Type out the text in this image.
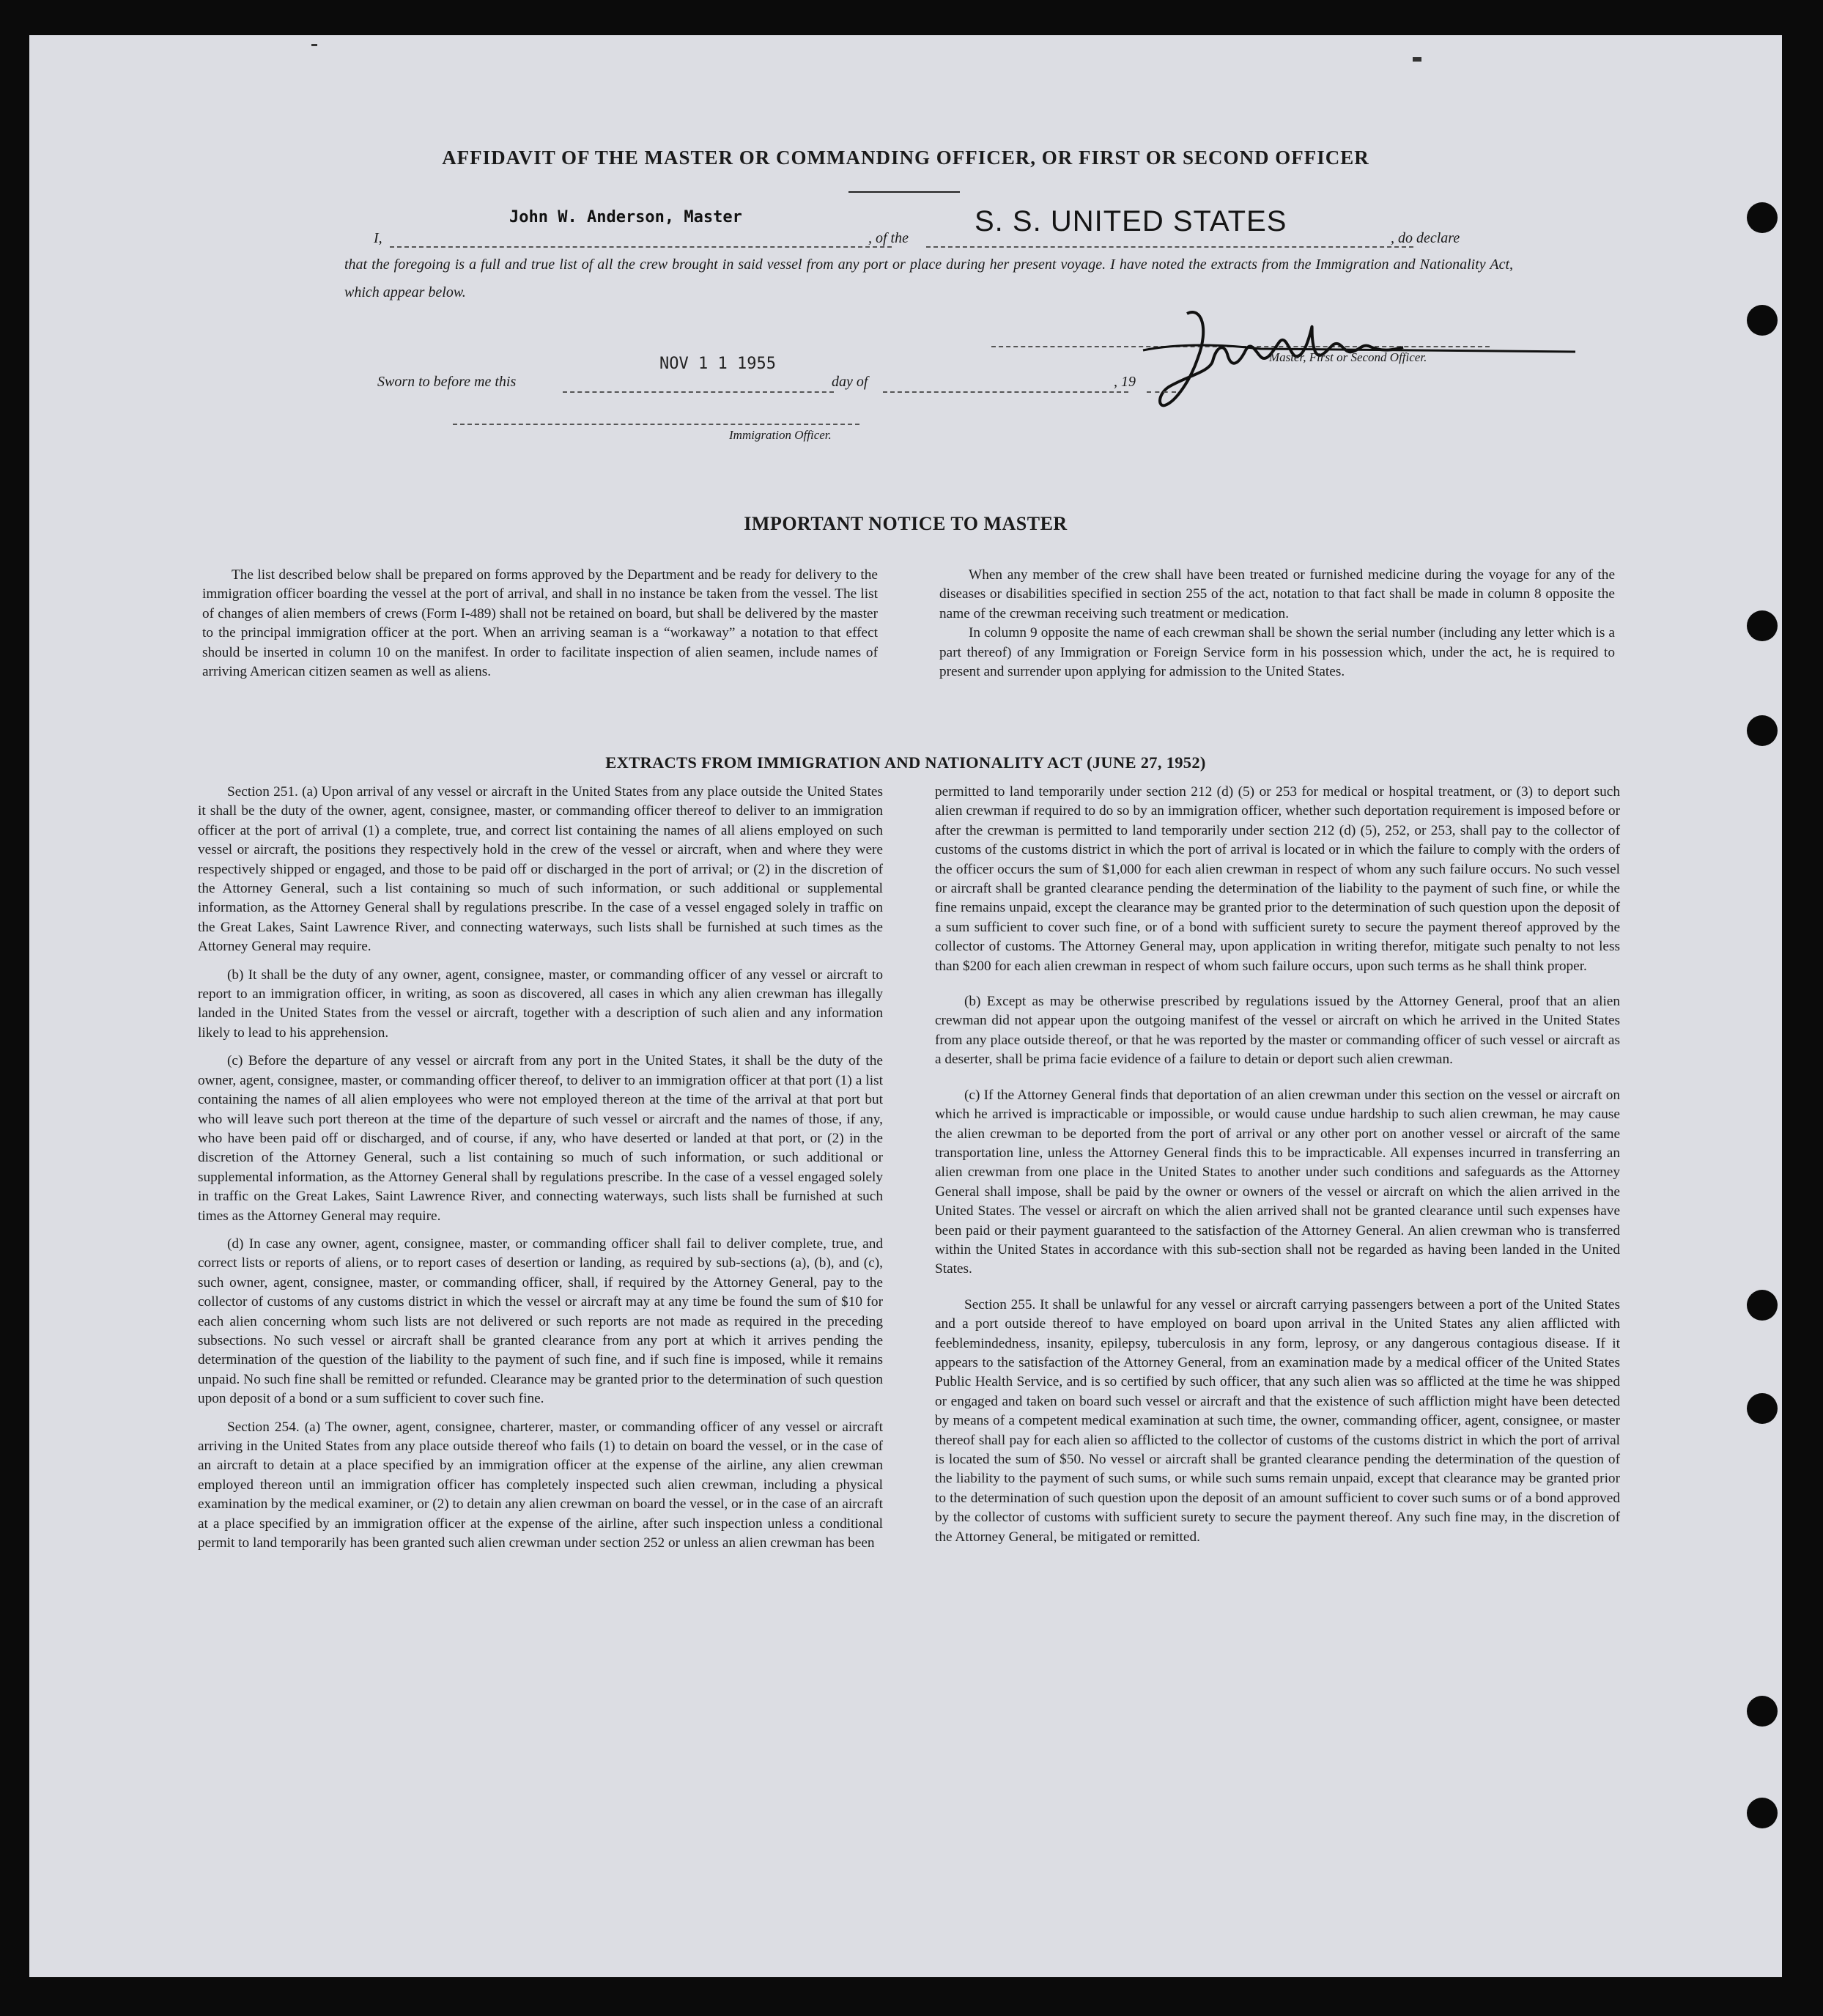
AFFIDAVIT OF THE MASTER OR COMMANDING OFFICER, OR FIRST OR SECOND OFFICER
John W. Anderson, Master	S. S. UNITED STATES
I,	, of the	, do declare
that the foregoing is a full and true list of all the crew brought in said vessel from any port or place during her present voyage. I have noted the extracts from the Immigration and Nationality Act, which appear below.
Master, First or Second Officer.
NOV 1 1 1955
Sworn to before me this	day of	, 19
Immigration Officer.
IMPORTANT NOTICE TO MASTER

The list described below shall be prepared on forms approved by the Department and be ready for delivery to the immigration officer boarding the vessel at the port of arrival, and shall in no instance be taken from the vessel. The list of changes of alien members of crews (Form I-489) shall not be retained on board, but shall be delivered by the master to the principal immigration officer at the port. When an arriving seaman is a “workaway” a notation to that effect should be inserted in column 10 on the manifest. In order to facilitate inspection of alien seamen, include names of arriving American citizen seamen as well as aliens.

When any member of the crew shall have been treated or furnished medicine during the voyage for any of the diseases or disabilities specified in section 255 of the act, notation to that fact shall be made in column 8 opposite the name of the crewman receiving such treatment or medication.

In column 9 opposite the name of each crewman shall be shown the serial number (including any letter which is a part thereof) of any Immigration or Foreign Service form in his possession which, under the act, he is required to present and surrender upon applying for admission to the United States.

EXTRACTS FROM IMMIGRATION AND NATIONALITY ACT (JUNE 27, 1952)

Section 251. (a) Upon arrival of any vessel or aircraft in the United States from any place outside the United States it shall be the duty of the owner, agent, consignee, master, or commanding officer thereof to deliver to an immigration officer at the port of arrival (1) a complete, true, and correct list containing the names of all aliens employed on such vessel or aircraft, the positions they respectively hold in the crew of the vessel or aircraft, when and where they were respectively shipped or engaged, and those to be paid off or discharged in the port of arrival; or (2) in the discretion of the Attorney General, such a list containing so much of such information, or such additional or supplemental information, as the Attorney General shall by regulations prescribe. In the case of a vessel engaged solely in traffic on the Great Lakes, Saint Lawrence River, and connecting waterways, such lists shall be furnished at such times as the Attorney General may require.

(b) It shall be the duty of any owner, agent, consignee, master, or commanding officer of any vessel or aircraft to report to an immigration officer, in writing, as soon as discovered, all cases in which any alien crewman has illegally landed in the United States from the vessel or aircraft, together with a description of such alien and any information likely to lead to his apprehension.

(c) Before the departure of any vessel or aircraft from any port in the United States, it shall be the duty of the owner, agent, consignee, master, or commanding officer thereof, to deliver to an immigration officer at that port (1) a list containing the names of all alien employees who were not employed thereon at the time of the arrival at that port but who will leave such port thereon at the time of the departure of such vessel or aircraft and the names of those, if any, who have been paid off or discharged, and of course, if any, who have deserted or landed at that port, or (2) in the discretion of the Attorney General, such a list containing so much of such information, or such additional or supplemental information, as the Attorney General shall by regulations prescribe. In the case of a vessel engaged solely in traffic on the Great Lakes, Saint Lawrence River, and connecting waterways, such lists shall be furnished at such times as the Attorney General may require.

(d) In case any owner, agent, consignee, master, or commanding officer shall fail to deliver complete, true, and correct lists or reports of aliens, or to report cases of desertion or landing, as required by sub-sections (a), (b), and (c), such owner, agent, consignee, master, or commanding officer, shall, if required by the Attorney General, pay to the collector of customs of any customs district in which the vessel or aircraft may at any time be found the sum of $10 for each alien concerning whom such lists are not delivered or such reports are not made as required in the preceding subsections. No such vessel or aircraft shall be granted clearance from any port at which it arrives pending the determination of the question of the liability to the payment of such fine, and if such fine is imposed, while it remains unpaid. No such fine shall be remitted or refunded. Clearance may be granted prior to the determination of such question upon deposit of a bond or a sum sufficient to cover such fine.

Section 254. (a) The owner, agent, consignee, charterer, master, or commanding officer of any vessel or aircraft arriving in the United States from any place outside thereof who fails (1) to detain on board the vessel, or in the case of an aircraft to detain at a place specified by an immigration officer at the expense of the airline, any alien crewman employed thereon until an immigration officer has completely inspected such alien crewman, including a physical examination by the medical examiner, or (2) to detain any alien crewman on board the vessel, or in the case of an aircraft at a place specified by an immigration officer at the expense of the airline, after such inspection unless a conditional permit to land temporarily has been granted such alien crewman under section 252 or unless an alien crewman has been

permitted to land temporarily under section 212 (d) (5) or 253 for medical or hospital treatment, or (3) to deport such alien crewman if required to do so by an immigration officer, whether such deportation requirement is imposed before or after the crewman is permitted to land temporarily under section 212 (d) (5), 252, or 253, shall pay to the collector of customs of the customs district in which the port of arrival is located or in which the failure to comply with the orders of the officer occurs the sum of $1,000 for each alien crewman in respect of whom any such failure occurs. No such vessel or aircraft shall be granted clearance pending the determination of the liability to the payment of such fine, or while the fine remains unpaid, except the clearance may be granted prior to the determination of such question upon the deposit of a sum sufficient to cover such fine, or of a bond with sufficient surety to secure the payment thereof approved by the collector of customs. The Attorney General may, upon application in writing therefor, mitigate such penalty to not less than $200 for each alien crewman in respect of whom such failure occurs, upon such terms as he shall think proper.

(b) Except as may be otherwise prescribed by regulations issued by the Attorney General, proof that an alien crewman did not appear upon the outgoing manifest of the vessel or aircraft on which he arrived in the United States from any place outside thereof, or that he was reported by the master or commanding officer of such vessel or aircraft as a deserter, shall be prima facie evidence of a failure to detain or deport such alien crewman.

(c) If the Attorney General finds that deportation of an alien crewman under this section on the vessel or aircraft on which he arrived is impracticable or impossible, or would cause undue hardship to such alien crewman, he may cause the alien crewman to be deported from the port of arrival or any other port on another vessel or aircraft of the same transportation line, unless the Attorney General finds this to be impracticable. All expenses incurred in transferring an alien crewman from one place in the United States to another under such conditions and safeguards as the Attorney General shall impose, shall be paid by the owner or owners of the vessel or aircraft on which the alien arrived in the United States. The vessel or aircraft on which the alien arrived shall not be granted clearance until such expenses have been paid or their payment guaranteed to the satisfaction of the Attorney General. An alien crewman who is transferred within the United States in accordance with this sub-section shall not be regarded as having been landed in the United States.

Section 255. It shall be unlawful for any vessel or aircraft carrying passengers between a port of the United States and a port outside thereof to have employed on board upon arrival in the United States any alien afflicted with feeblemindedness, insanity, epilepsy, tuberculosis in any form, leprosy, or any dangerous contagious disease. If it appears to the satisfaction of the Attorney General, from an examination made by a medical officer of the United States Public Health Service, and is so certified by such officer, that any such alien was so afflicted at the time he was shipped or engaged and taken on board such vessel or aircraft and that the existence of such affliction might have been detected by means of a competent medical examination at such time, the owner, commanding officer, agent, consignee, or master thereof shall pay for each alien so afflicted to the collector of customs of the customs district in which the port of arrival is located the sum of $50. No vessel or aircraft shall be granted clearance pending the determination of the question of the liability to the payment of such sums, or while such sums remain unpaid, except that clearance may be granted prior to the determination of such question upon the deposit of an amount sufficient to cover such sums or of a bond approved by the collector of customs with sufficient surety to secure the payment thereof. Any such fine may, in the discretion of the Attorney General, be mitigated or remitted.
